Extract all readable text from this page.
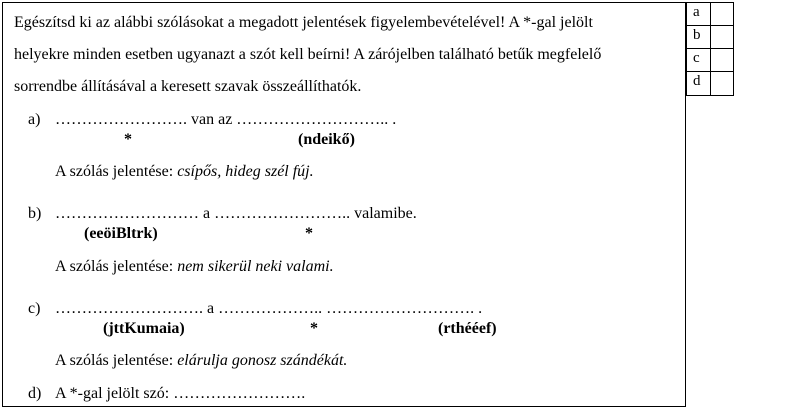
Egészítsd ki az alábbi szólásokat a megadott jelentések figyelembevételével! A *-gal jelölt
helyekre minden esetben ugyanazt a szót kell beírni! A zárójelben található betűk megfelelő
sorrendbe állításával a keresett szavak összeállíthatók.
a) ……………………. van az ……………………….. .
*	(ndeikő)
A szólás jelentése: csípős, hideg szél fúj.
b) ……………………… a …………………….. valamibe.
(eeöiBltrk)	*
A szólás jelentése: nem sikerül neki valami.
c) ………………………. a ……………….. ………………………. .
(jttKumaia)	*	(rthééef)
A szólás jelentése: elárulja gonosz szándékát.
d) A *-gal jelölt szó: …………………….
a
b
c
d
